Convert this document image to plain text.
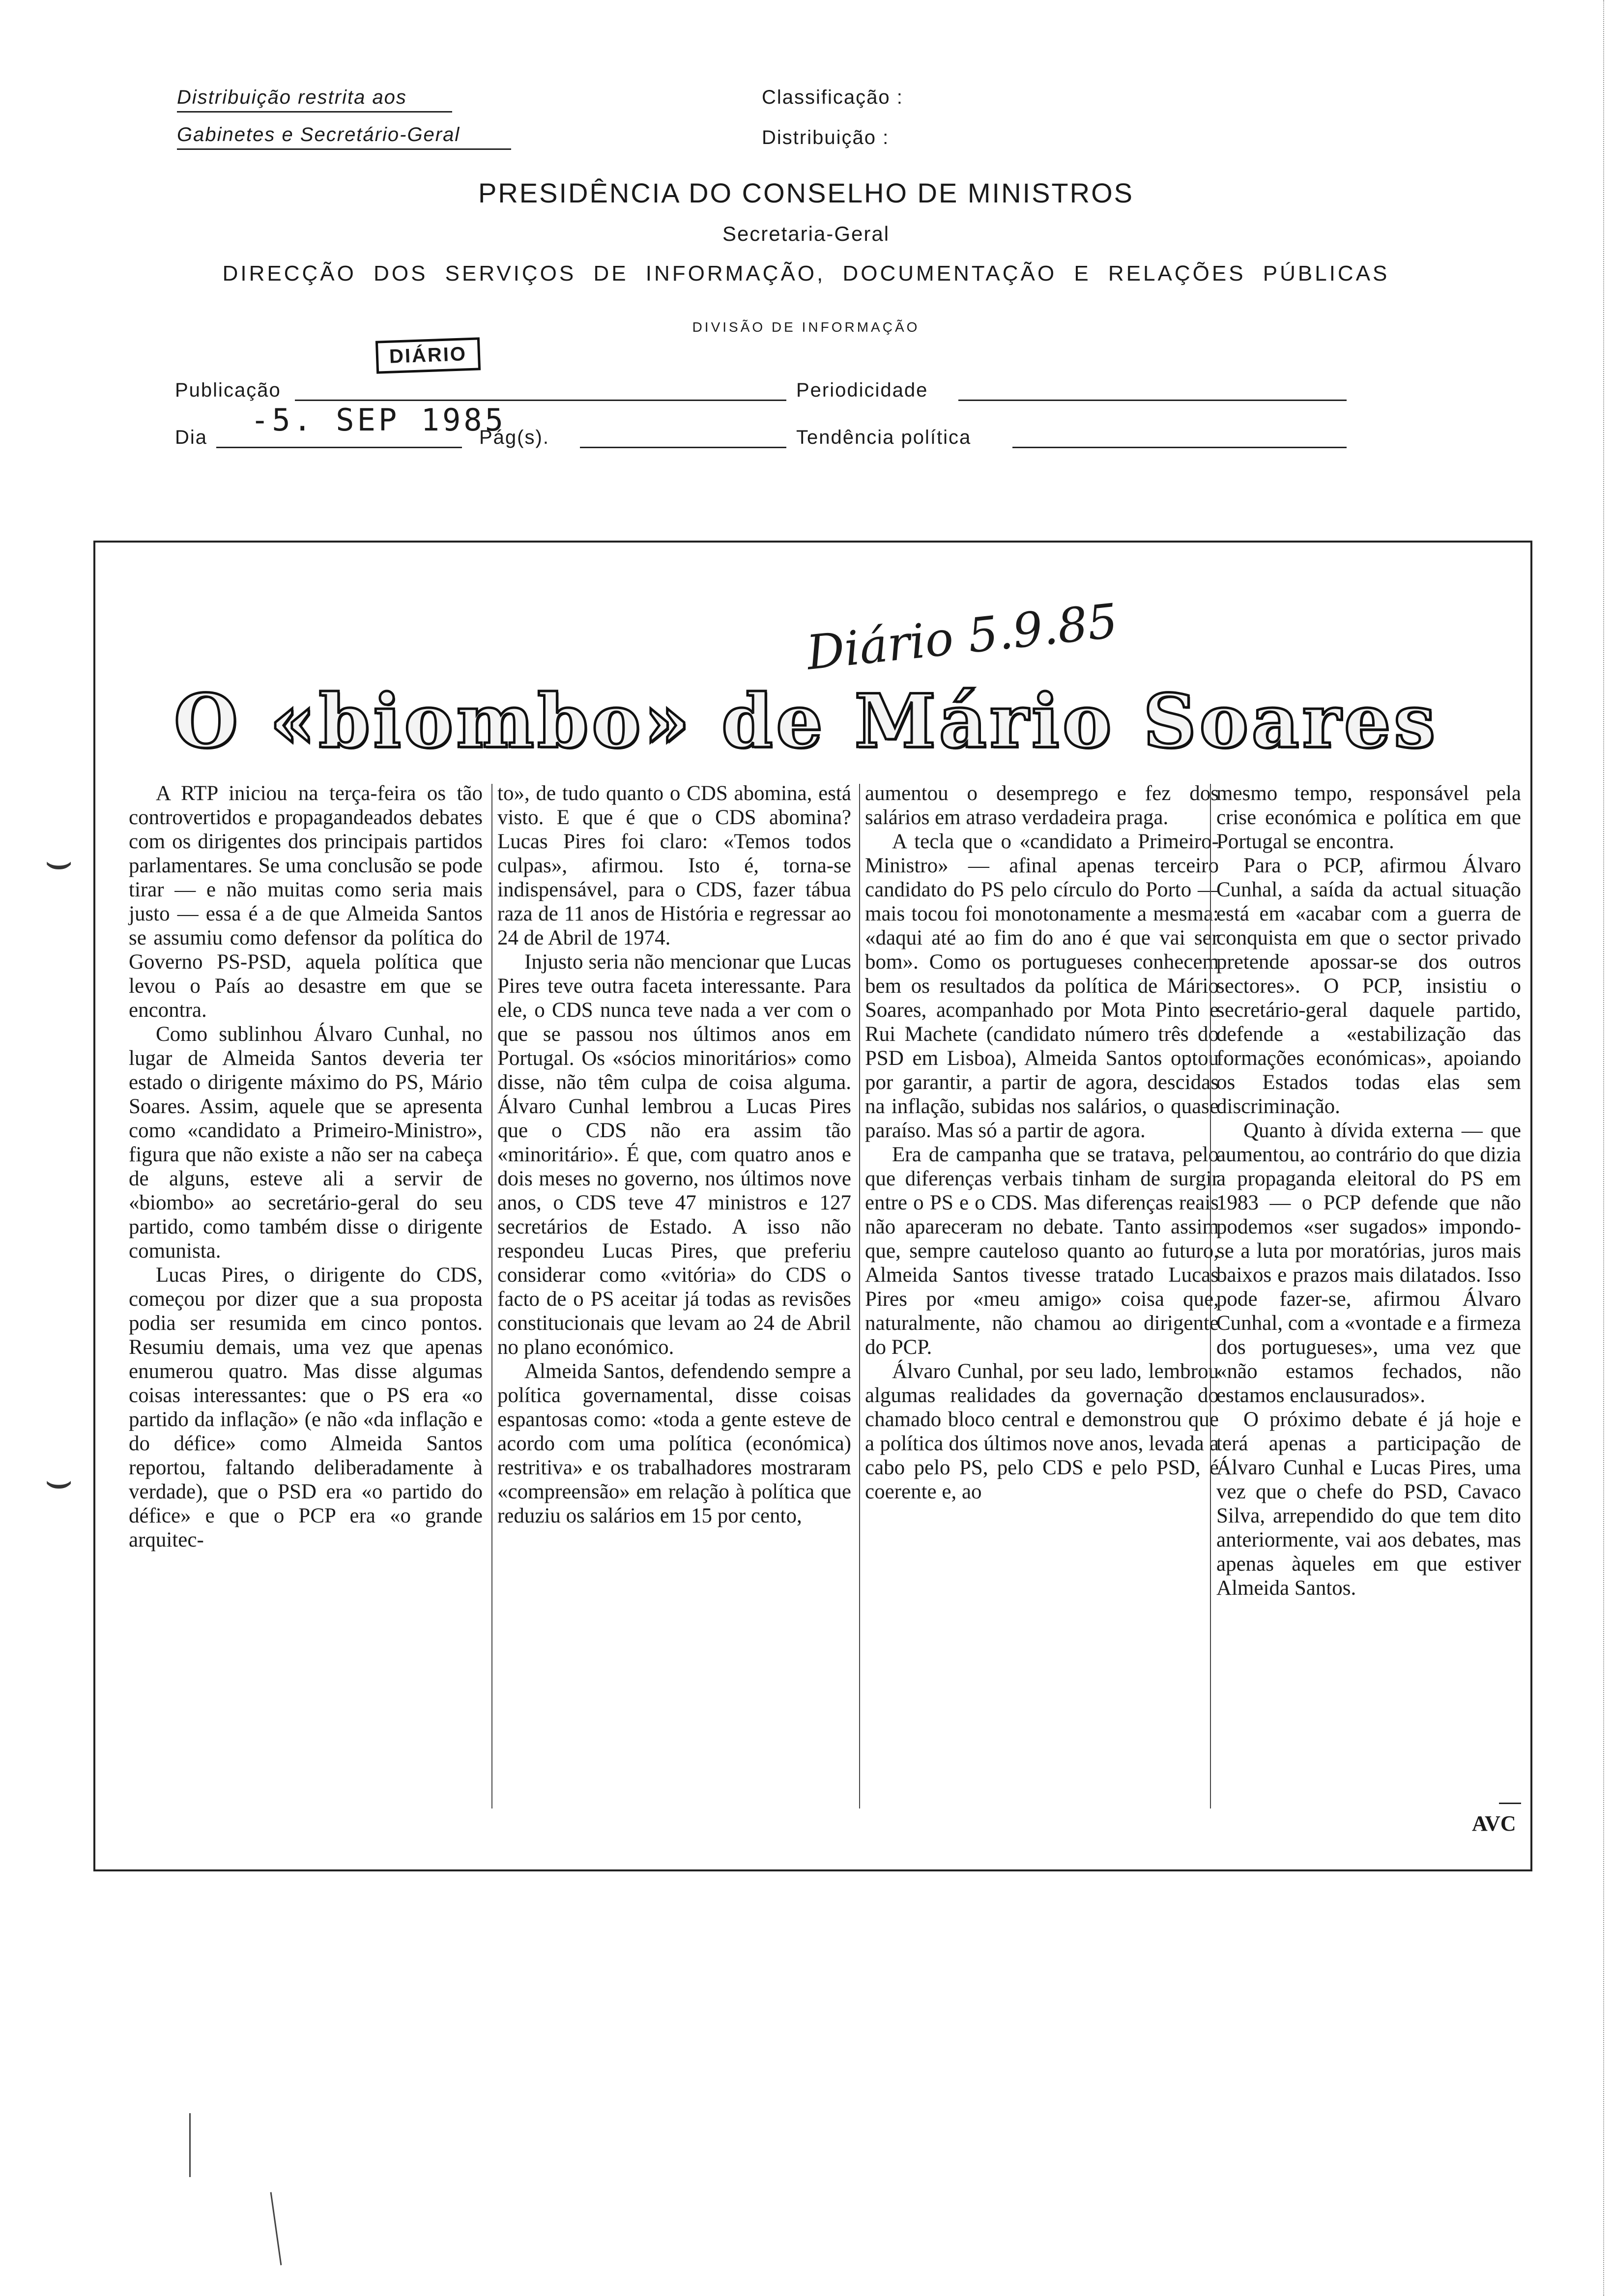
Distribuição restrita aos
Gabinetes e Secretário-Geral
Classificação :
Distribuição :
PRESIDÊNCIA DO CONSELHO DE MINISTROS
Secretaria-Geral
DIRECÇÃO DOS SERVIÇOS DE INFORMAÇÃO, DOCUMENTAÇÃO E RELAÇÕES PÚBLICAS
DIVISÃO DE INFORMAÇÃO
DIÁRIO
Publicação	Periodicidade
-5. SEP 1985
Dia	Pág(s).	Tendência política
Diário 5.9.85
O «biombo» de Mário Soares

A RTP iniciou na terça-feira os tão controvertidos e propagandeados debates com os dirigentes dos principais partidos parlamentares. Se uma conclusão se pode tirar — e não muitas como seria mais justo — essa é a de que Almeida Santos se assumiu como defensor da política do Governo PS-PSD, aquela política que levou o País ao desastre em que se encontra.

Como sublinhou Álvaro Cunhal, no lugar de Almeida Santos deveria ter estado o dirigente máximo do PS, Mário Soares. Assim, aquele que se apresenta como «candidato a Primeiro-Ministro», figura que não existe a não ser na cabeça de alguns, esteve ali a servir de «biombo» ao secretário-geral do seu partido, como também disse o dirigente comunista.

Lucas Pires, o dirigente do CDS, começou por dizer que a sua proposta podia ser resumida em cinco pontos. Resumiu demais, uma vez que apenas enumerou quatro. Mas disse algumas coisas interessantes: que o PS era «o partido da inflação» (e não «da inflação e do défice» como Almeida Santos reportou, faltando deliberadamente à verdade), que o PSD era «o partido do défice» e que o PCP era «o grande arquitec-

to», de tudo quanto o CDS abomina, está visto. E que é que o CDS abomina? Lucas Pires foi claro: «Temos todos culpas», afirmou. Isto é, torna-se indispensável, para o CDS, fazer tábua raza de 11 anos de História e regressar ao 24 de Abril de 1974.

Injusto seria não mencionar que Lucas Pires teve outra faceta interessante. Para ele, o CDS nunca teve nada a ver com o que se passou nos últimos anos em Portugal. Os «sócios minoritários» como disse, não têm culpa de coisa alguma. Álvaro Cunhal lembrou a Lucas Pires que o CDS não era assim tão «minoritário». É que, com quatro anos e dois meses no governo, nos últimos nove anos, o CDS teve 47 ministros e 127 secretários de Estado. A isso não respondeu Lucas Pires, que preferiu considerar como «vitória» do CDS o facto de o PS aceitar já todas as revisões constitucionais que levam ao 24 de Abril no plano económico.

Almeida Santos, defendendo sempre a política governamental, disse coisas espantosas como: «toda a gente esteve de acordo com uma política (económica) restritiva» e os trabalhadores mostraram «compreensão» em relação à política que reduziu os salários em 15 por cento,

aumentou o desemprego e fez dos salários em atraso verdadeira praga.

A tecla que o «candidato a Primeiro-Ministro» — afinal apenas terceiro candidato do PS pelo círculo do Porto — mais tocou foi monotonamente a mesma: «daqui até ao fim do ano é que vai ser bom». Como os portugueses conhecem bem os resultados da política de Mário Soares, acompanhado por Mota Pinto e Rui Machete (candidato número três do PSD em Lisboa), Almeida Santos optou por garantir, a partir de agora, descidas na inflação, subidas nos salários, o quase paraíso. Mas só a partir de agora.

Era de campanha que se tratava, pelo que diferenças verbais tinham de surgir entre o PS e o CDS. Mas diferenças reais não apareceram no debate. Tanto assim que, sempre cauteloso quanto ao futuro, Almeida Santos tivesse tratado Lucas Pires por «meu amigo» coisa que, naturalmente, não chamou ao dirigente do PCP.

Álvaro Cunhal, por seu lado, lembrou algumas realidades da governação do chamado bloco central e demonstrou que a política dos últimos nove anos, levada a cabo pelo PS, pelo CDS e pelo PSD, é coerente e, ao

mesmo tempo, responsável pela crise económica e política em que Portugal se encontra.

Para o PCP, afirmou Álvaro Cunhal, a saída da actual situação está em «acabar com a guerra de conquista em que o sector privado pretende apossar-se dos outros sectores». O PCP, insistiu o secretário-geral daquele partido, defende a «estabilização das formações económicas», apoiando os Estados todas elas sem discriminação.

Quanto à dívida externa — que aumentou, ao contrário do que dizia a propaganda eleitoral do PS em 1983 — o PCP defende que não podemos «ser sugados» impondo-se a luta por moratórias, juros mais baixos e prazos mais dilatados. Isso pode fazer-se, afirmou Álvaro Cunhal, com a «vontade e a firmeza dos portugueses», uma vez que «não estamos fechados, não estamos enclausurados».

O próximo debate é já hoje e terá apenas a participação de Álvaro Cunhal e Lucas Pires, uma vez que o chefe do PSD, Cavaco Silva, arrependido do que tem dito anteriormente, vai aos debates, mas apenas àqueles em que estiver Almeida Santos.

AVC
⌣
⌣
